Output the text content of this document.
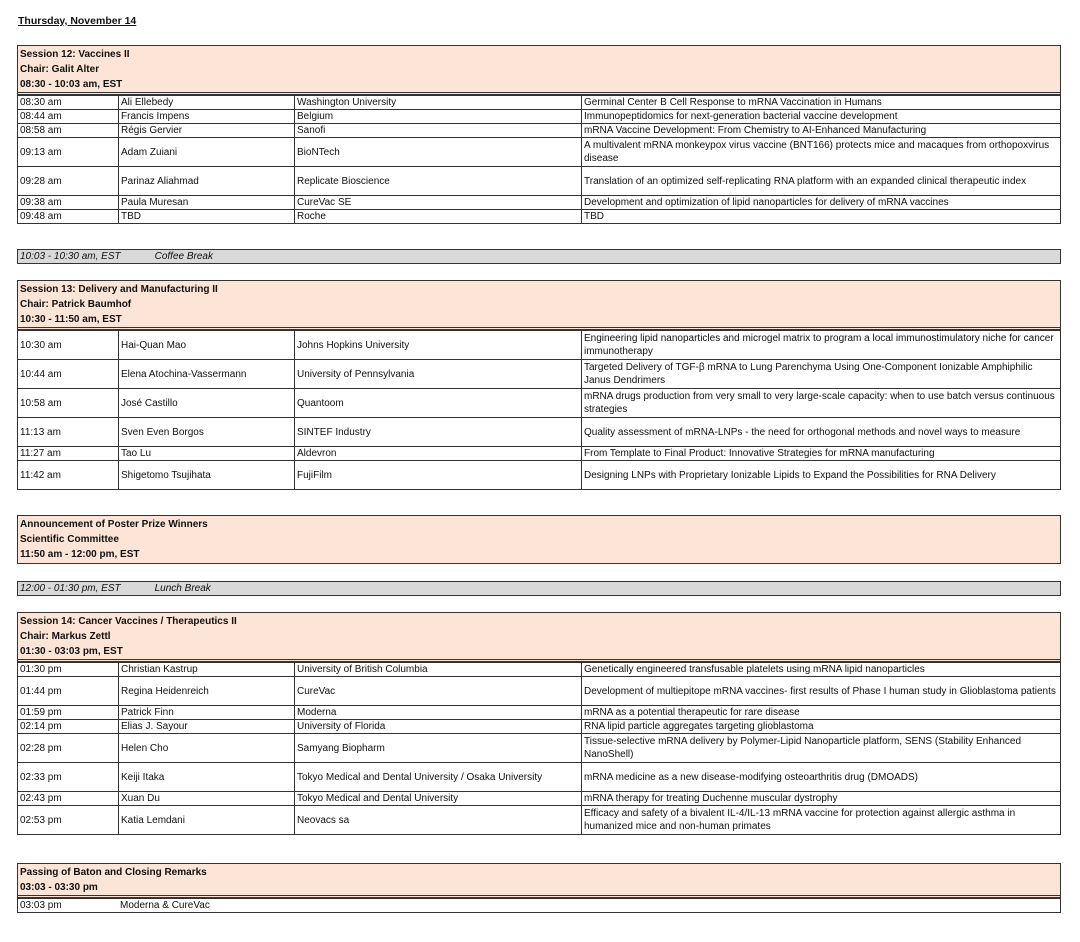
Thursday, November 14
Session 12: Vaccines II
Chair: Galit Alter
08:30 - 10:03 am, EST
08:30 am	Ali Ellebedy	Washington University	Germinal Center B Cell Response to mRNA Vaccination in Humans
08:44 am	Francis Impens	Belgium	Immunopeptidomics for next-generation bacterial vaccine development
08:58 am	Régis Gervier	Sanofi	mRNA Vaccine Development: From Chemistry to AI-Enhanced Manufacturing
09:13 am	Adam Zuiani	BioNTech	A multivalent mRNA monkeypox virus vaccine (BNT166) protects mice and macaques from orthopoxvirus disease
09:28 am	Parinaz Aliahmad	Replicate Bioscience	Translation of an optimized self-replicating RNA platform with an expanded clinical therapeutic index
09:38 am	Paula Muresan	CureVac SE	Development and optimization of lipid nanoparticles for delivery of mRNA vaccines
09:48 am	TBD	Roche	TBD
10:03 - 10:30 am, EST	Coffee Break
Session 13: Delivery and Manufacturing II
Chair: Patrick Baumhof
10:30 - 11:50 am, EST
10:30 am	Hai-Quan Mao	Johns Hopkins University	Engineering lipid nanoparticles and microgel matrix to program a local immunostimulatory niche for cancer immunotherapy
10:44 am	Elena Atochina-Vassermann	University of Pennsylvania	Targeted Delivery of TGF-β mRNA to Lung Parenchyma Using One-Component Ionizable Amphiphilic Janus Dendrimers
10:58 am	José Castillo	Quantoom	mRNA drugs production from very small to very large-scale capacity: when to use batch versus continuous strategies
11:13 am	Sven Even Borgos	SINTEF Industry	Quality assessment of mRNA-LNPs - the need for orthogonal methods and novel ways to measure
11:27 am	Tao Lu	Aldevron	From Template to Final Product: Innovative Strategies for mRNA manufacturing
11:42 am	Shigetomo Tsujihata	FujiFilm	Designing LNPs with Proprietary Ionizable Lipids to Expand the Possibilities for RNA Delivery
Announcement of Poster Prize Winners
Scientific Committee
11:50 am - 12:00 pm, EST
12:00 - 01:30 pm, EST	Lunch Break
Session 14: Cancer Vaccines / Therapeutics II
Chair: Markus Zettl
01:30 - 03:03 pm, EST
01:30 pm	Christian Kastrup	University of British Columbia	Genetically engineered transfusable platelets using mRNA lipid nanoparticles
01:44 pm	Regina Heidenreich	CureVac	Development of multiepitope mRNA vaccines- first results of Phase I human study in Glioblastoma patients
01:59 pm	Patrick Finn	Moderna	mRNA as a potential therapeutic for rare disease
02:14 pm	Elias J. Sayour	University of Florida	RNA lipid particle aggregates targeting glioblastoma
02:28 pm	Helen Cho	Samyang Biopharm	Tissue-selective mRNA delivery by Polymer-Lipid Nanoparticle platform, SENS (Stability Enhanced NanoShell)
02:33 pm	Keiji Itaka	Tokyo Medical and Dental University / Osaka University	mRNA medicine as a new disease-modifying osteoarthritis drug (DMOADS)
02:43 pm	Xuan Du	Tokyo Medical and Dental University	mRNA therapy for treating Duchenne muscular dystrophy
02:53 pm	Katia Lemdani	Neovacs sa	Efficacy and safety of a bivalent IL-4/IL-13 mRNA vaccine for protection against allergic asthma in humanized mice and non-human primates
Passing of Baton and Closing Remarks
03:03 - 03:30 pm
03:03 pm	Moderna & CureVac
